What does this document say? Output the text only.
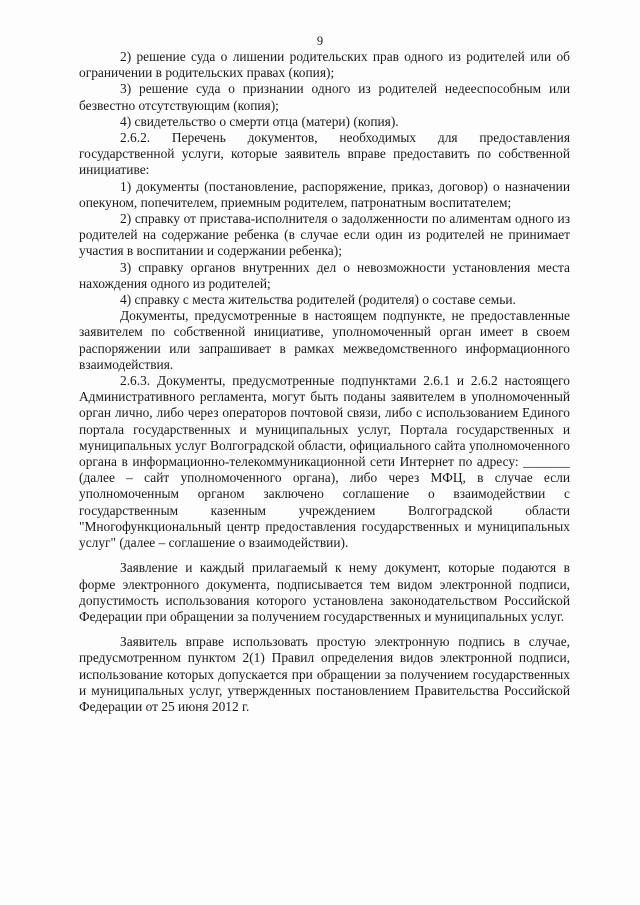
9

2) решение суда о лишении родительских прав одного из родителей или об ограничении в родительских правах (копия);

3) решение суда о признании одного из родителей недееспособным или безвестно отсутствующим (копия);

4) свидетельство о смерти отца (матери) (копия).

2.6.2. Перечень документов, необходимых для предоставления государственной услуги, которые заявитель вправе предоставить по собственной инициативе:

1) документы (постановление, распоряжение, приказ, договор) о назначении опекуном, попечителем, приемным родителем, патронатным воспитателем;

2) справку от пристава-исполнителя о задолженности по алиментам одного из родителей на содержание ребенка (в случае если один из родителей не принимает участия в воспитании и содержании ребенка);

3) справку органов внутренних дел о невозможности установления места нахождения одного из родителей;

4) справку с места жительства родителей (родителя) о составе семьи.

Документы, предусмотренные в настоящем подпункте, не предоставленные заявителем по собственной инициативе, уполномоченный орган имеет в своем распоряжении или запрашивает в рамках межведомственного информационного взаимодействия.

2.6.3. Документы, предусмотренные подпунктами 2.6.1 и 2.6.2 настоящего Административного регламента, могут быть поданы заявителем в уполномоченный орган лично, либо через операторов почтовой связи, либо с использованием Единого портала государственных и муниципальных услуг, Портала государственных и муниципальных услуг Волгоградской области, официального сайта уполномоченного органа в информационно-телекоммуникационной сети Интернет по адресу: _______ (далее – сайт уполномоченного органа), либо через МФЦ, в случае если уполномоченным органом заключено соглашение о взаимодействии с государственным казенным учреждением Волгоградской области "Многофункциональный центр предоставления государственных и муниципальных услуг" (далее – соглашение о взаимодействии).

Заявление и каждый прилагаемый к нему документ, которые подаются в форме электронного документа, подписывается тем видом электронной подписи, допустимость использования которого установлена законодательством Российской Федерации при обращении за получением государственных и муниципальных услуг.

Заявитель вправе использовать простую электронную подпись в случае, предусмотренном пунктом 2(1) Правил определения видов электронной подписи, использование которых допускается при обращении за получением государственных и муниципальных услуг, утвержденных постановлением Правительства Российской Федерации от 25 июня 2012 г.
